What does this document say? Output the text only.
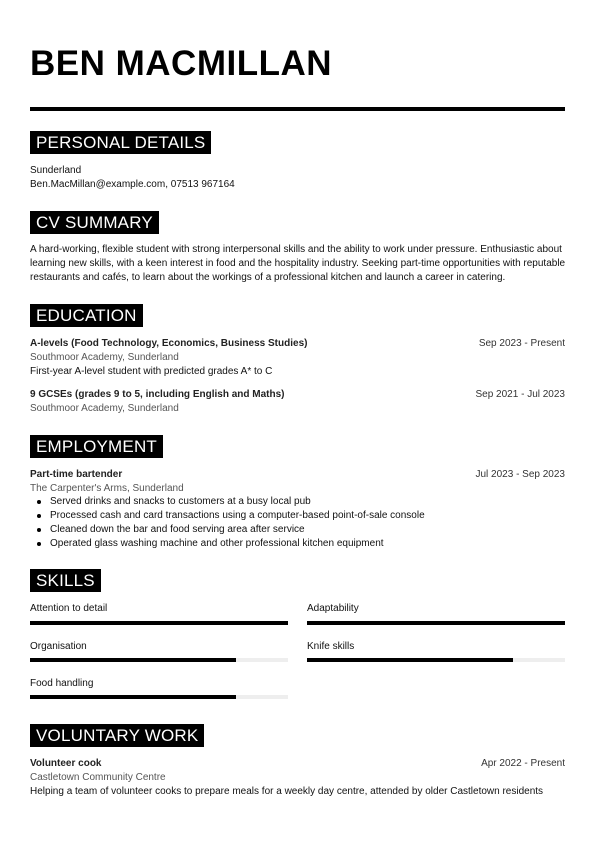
BEN MACMILLAN
PERSONAL DETAILS
Sunderland
Ben.MacMillan@example.com, 07513 967164
CV SUMMARY
A hard-working, flexible student with strong interpersonal skills and the ability to work under pressure. Enthusiastic about learning new skills, with a keen interest in food and the hospitality industry. Seeking part-time opportunities with reputable restaurants and cafés, to learn about the workings of a professional kitchen and launch a career in catering.
EDUCATION
A-levels (Food Technology, Economics, Business Studies)	Sep 2023 - Present
Southmoor Academy, Sunderland
First-year A-level student with predicted grades A* to C
9 GCSEs (grades 9 to 5, including English and Maths)	Sep 2021 - Jul 2023
Southmoor Academy, Sunderland
EMPLOYMENT
Part-time bartender	Jul 2023 - Sep 2023
The Carpenter's Arms, Sunderland
Served drinks and snacks to customers at a busy local pub
Processed cash and card transactions using a computer-based point-of-sale console
Cleaned down the bar and food serving area after service
Operated glass washing machine and other professional kitchen equipment
SKILLS
Attention to detail	Adaptability
Organisation	Knife skills
Food handling
VOLUNTARY WORK
Volunteer cook	Apr 2022 - Present
Castletown Community Centre
Helping a team of volunteer cooks to prepare meals for a weekly day centre, attended by older Castletown residents
